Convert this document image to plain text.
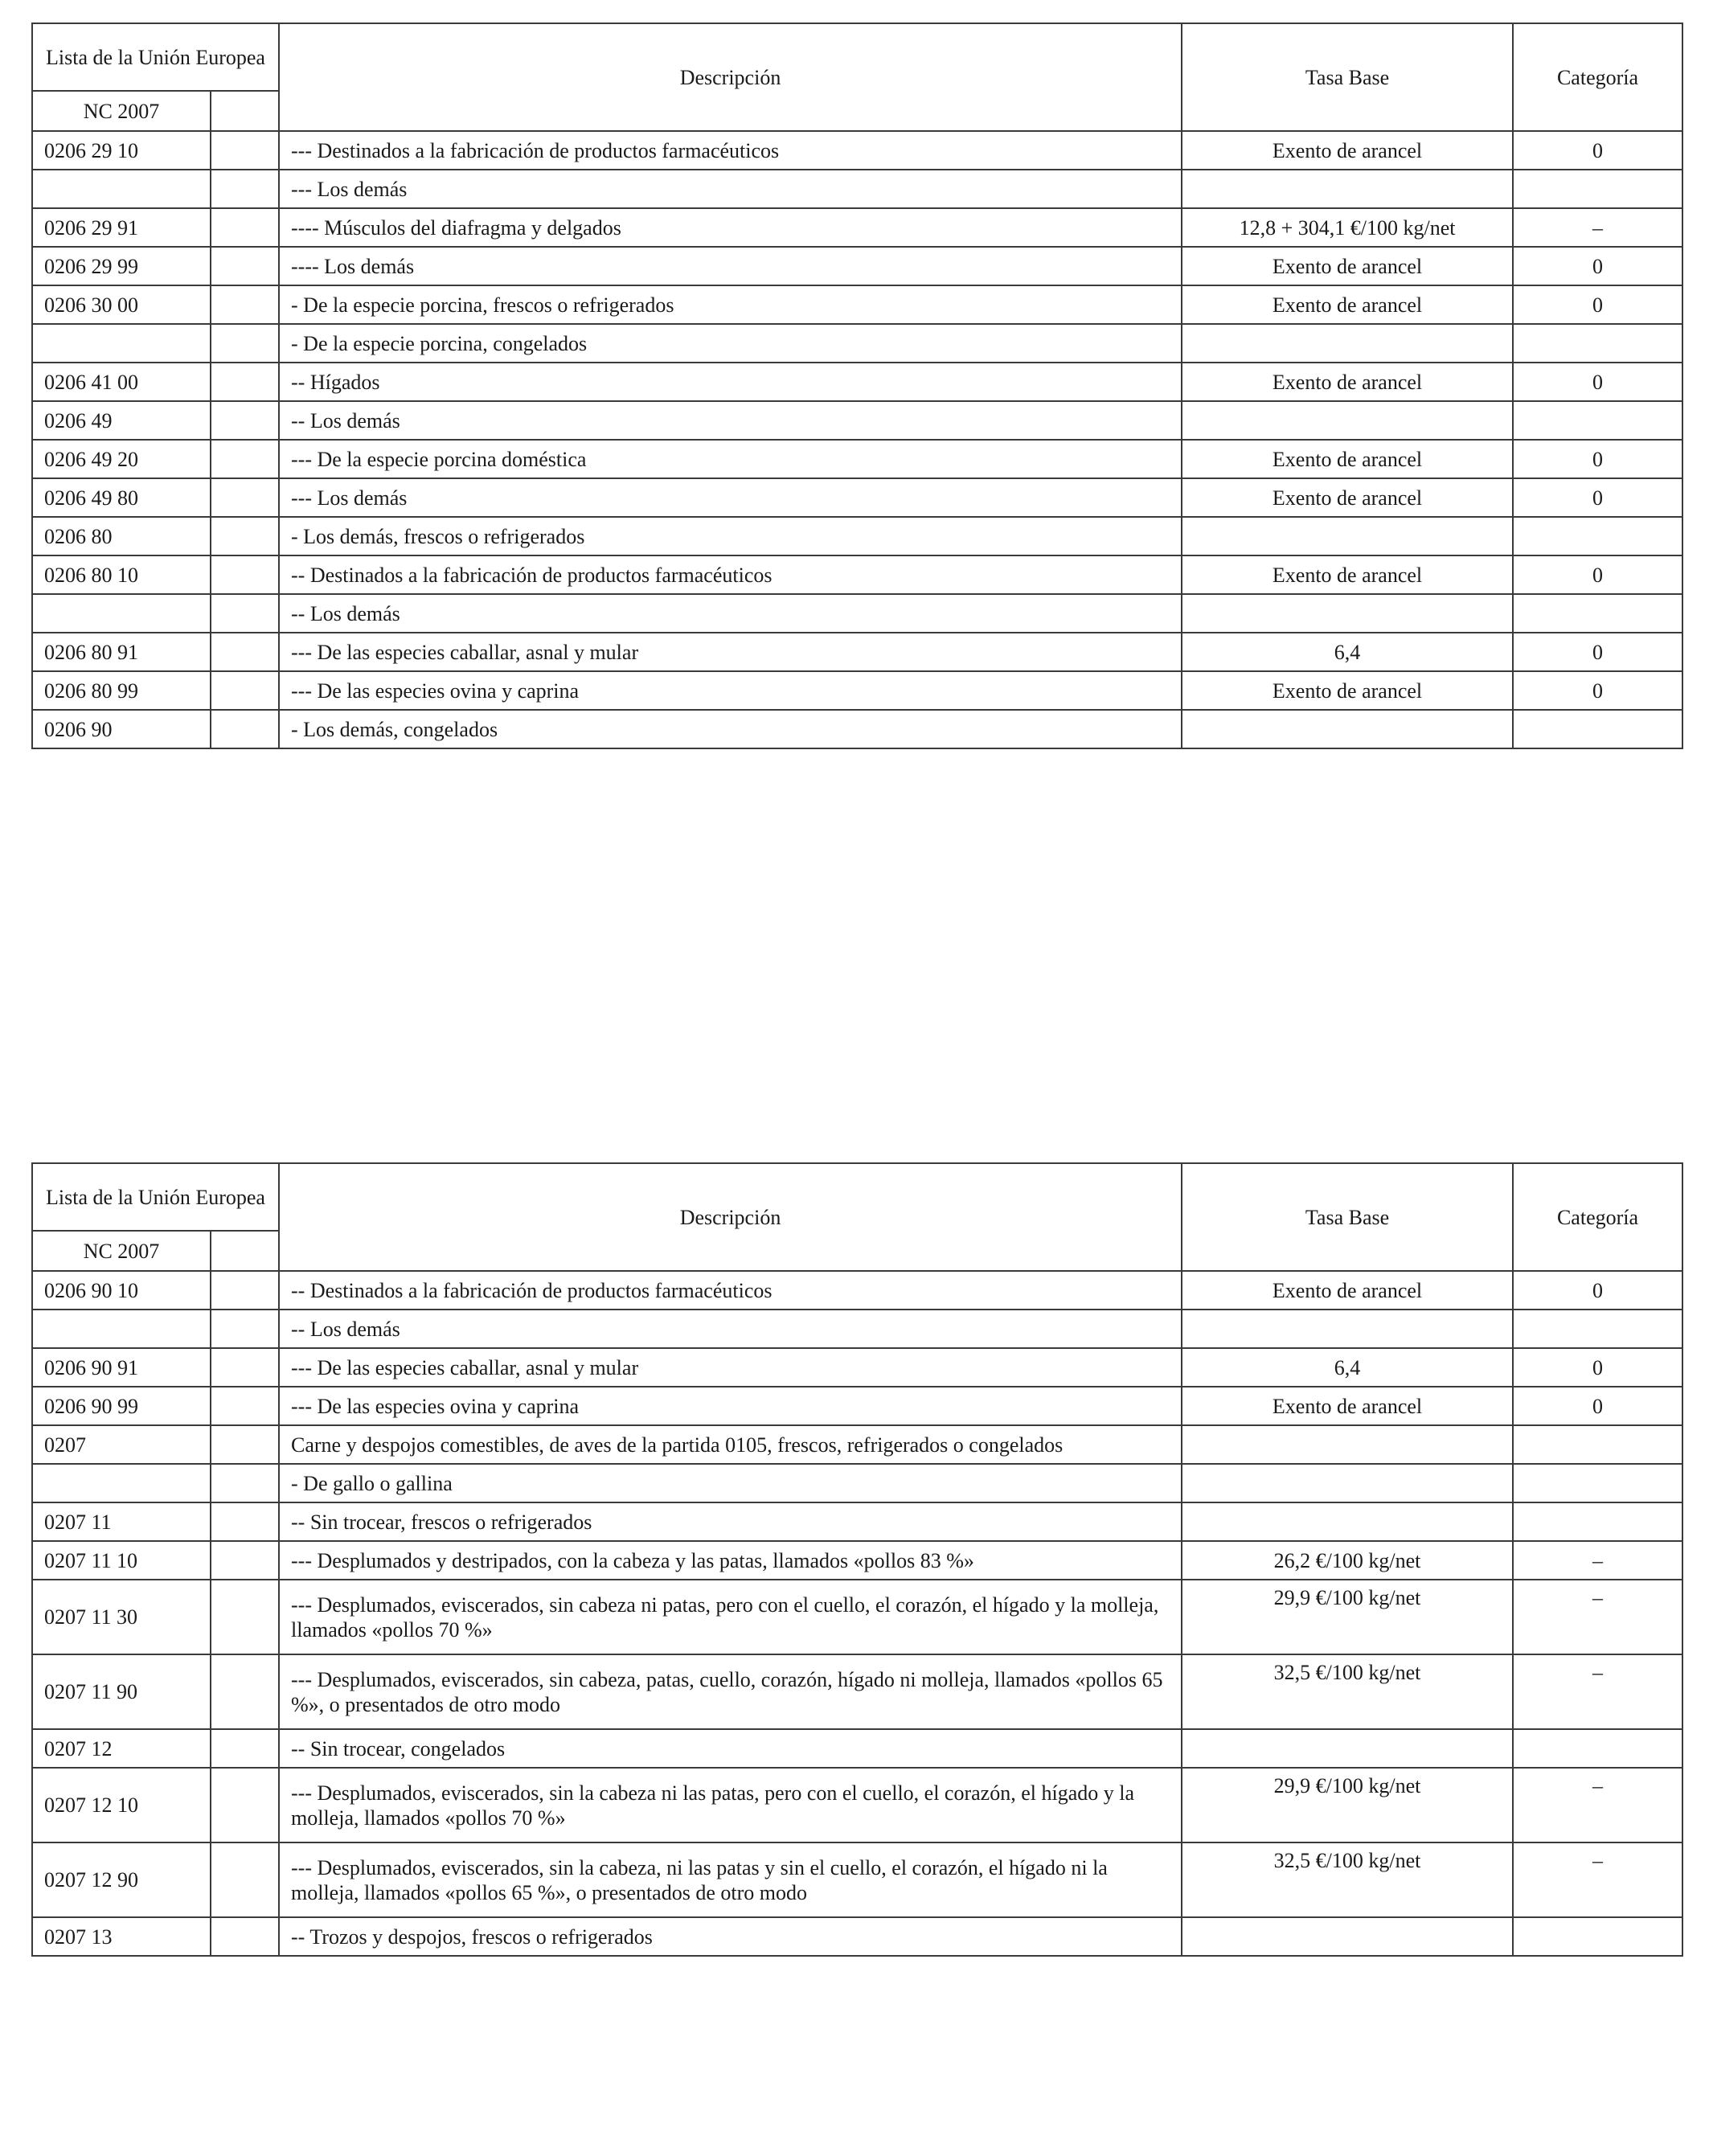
Lista de la Unión Europea		Descripción	Tasa Base	Categoría
NC 2007				
0206 29 10		--- Destinados a la fabricación de productos farmacéuticos	Exento de arancel	0
		--- Los demás		
0206 29 91		---- Músculos del diafragma y delgados	12,8 + 304,1 €/100 kg/net	–
0206 29 99		---- Los demás	Exento de arancel	0
0206 30 00		- De la especie porcina, frescos o refrigerados	Exento de arancel	0
		- De la especie porcina, congelados		
0206 41 00		-- Hígados	Exento de arancel	0
0206 49		-- Los demás		
0206 49 20		--- De la especie porcina doméstica	Exento de arancel	0
0206 49 80		--- Los demás	Exento de arancel	0
0206 80		- Los demás, frescos o refrigerados		
0206 80 10		-- Destinados a la fabricación de productos farmacéuticos	Exento de arancel	0
		-- Los demás		
0206 80 91		--- De las especies caballar, asnal y mular	6,4	0
0206 80 99		--- De las especies ovina y caprina	Exento de arancel	0
0206 90		- Los demás, congelados		
Lista de la Unión Europea		Descripción	Tasa Base	Categoría
NC 2007				
0206 90 10		-- Destinados a la fabricación de productos farmacéuticos	Exento de arancel	0
		-- Los demás		
0206 90 91		--- De las especies caballar, asnal y mular	6,4	0
0206 90 99		--- De las especies ovina y caprina	Exento de arancel	0
0207		Carne y despojos comestibles, de aves de la partida 0105, frescos, refrigerados o congelados		
		- De gallo o gallina		
0207 11		-- Sin trocear, frescos o refrigerados		
0207 11 10		--- Desplumados y destripados, con la cabeza y las patas, llamados «pollos 83 %»	26,2 €/100 kg/net	–
0207 11 30		--- Desplumados, eviscerados, sin cabeza ni patas, pero con el cuello, el corazón, el hígado y la molleja, llamados «pollos 70 %»	29,9 €/100 kg/net	–
0207 11 90		--- Desplumados, eviscerados, sin cabeza, patas, cuello, corazón, hígado ni molleja, llamados «pollos 65 %», o presentados de otro modo	32,5 €/100 kg/net	–
0207 12		-- Sin trocear, congelados		
0207 12 10		--- Desplumados, eviscerados, sin la cabeza ni las patas, pero con el cuello, el corazón, el hígado y la molleja, llamados «pollos 70 %»	29,9 €/100 kg/net	–
0207 12 90		--- Desplumados, eviscerados, sin la cabeza, ni las patas y sin el cuello, el corazón, el hígado ni la molleja, llamados «pollos 65 %», o presentados de otro modo	32,5 €/100 kg/net	–
0207 13		-- Trozos y despojos, frescos o refrigerados		
